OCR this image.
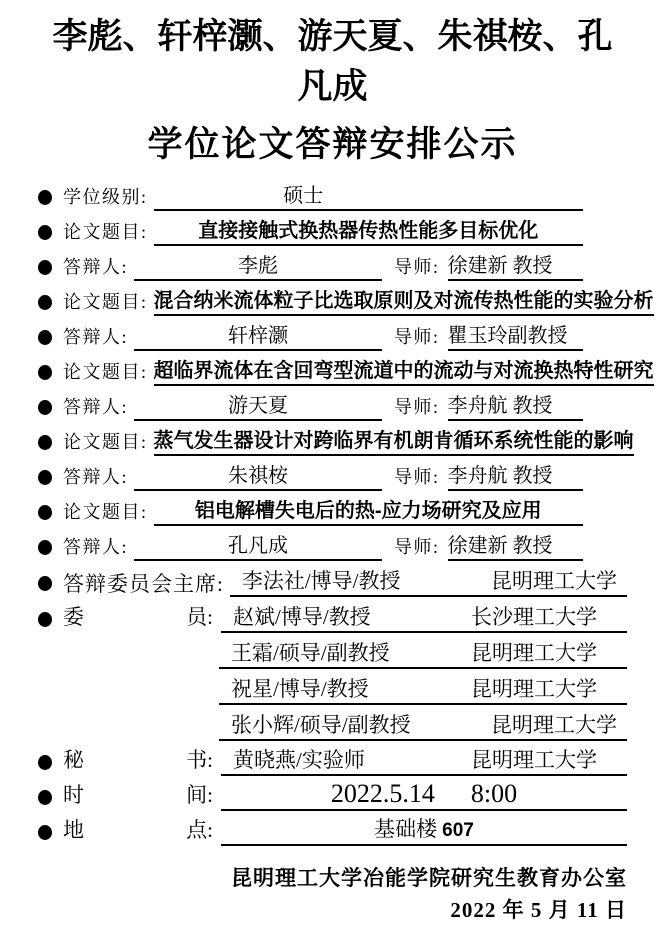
李彪、轩梓灏、游天夏、朱祺桉、孔凡成
学位论文答辩安排公示
学位级别:	硕士
论文题目:	直接接触式换热器传热性能多目标优化
答辩人:	李彪	导师: 徐建新 教授
论文题目: 混合纳米流体粒子比选取原则及对流传热性能的实验分析
答辩人:	轩梓灏	导师: 瞿玉玲副教授
论文题目: 超临界流体在含回弯型流道中的流动与对流换热特性研究
答辩人:	游天夏	导师: 李舟航 教授
论文题目: 蒸气发生器设计对跨临界有机朗肯循环系统性能的影响
答辩人:	朱祺桉	导师: 李舟航 教授
论文题目:	铝电解槽失电后的热-应力场研究及应用
答辩人:	孔凡成	导师: 徐建新 教授
答辩委员会主席: 李法社/博导/教授	昆明理工大学
委	员: 赵斌/博导/教授	长沙理工大学
王霜/硕导/副教授	昆明理工大学
祝星/博导/教授	昆明理工大学
张小辉/硕导/副教授	昆明理工大学
秘	书: 黄晓燕/实验师	昆明理工大学
时	间:	2022.5.14 8:00
地	点:	基础楼 607
昆明理工大学冶能学院研究生教育办公室
2022 年 5 月 11 日
